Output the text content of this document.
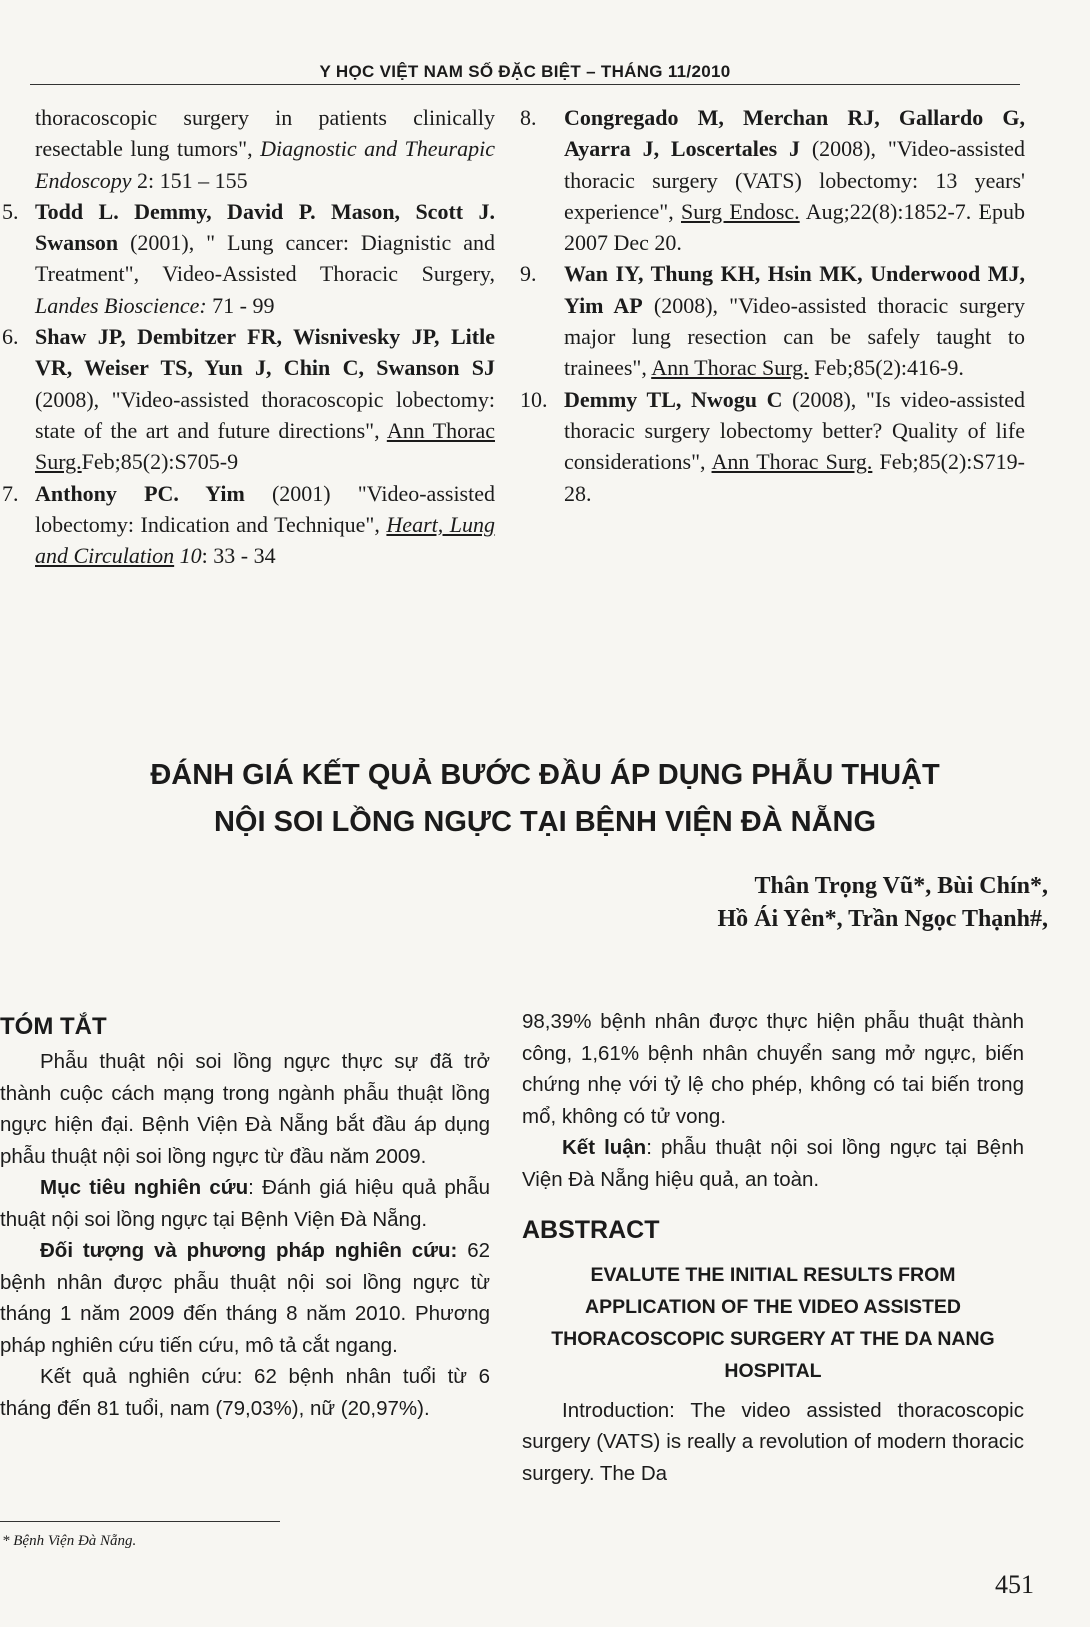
Y HỌC VIỆT NAM SỐ ĐẶC BIỆT – THÁNG 11/2010
thoracoscopic surgery in patients clinically resectable lung tumors", Diagnostic and Theurapic Endoscopy 2: 151 – 155
5. Todd L. Demmy, David P. Mason, Scott J. Swanson (2001), " Lung cancer: Diagnistic and Treatment", Video-Assisted Thoracic Surgery, Landes Bioscience: 71 - 99
6. Shaw JP, Dembitzer FR, Wisnivesky JP, Litle VR, Weiser TS, Yun J, Chin C, Swanson SJ (2008), "Video-assisted thoracoscopic lobectomy: state of the art and future directions", Ann Thorac Surg.Feb;85(2):S705-9
7. Anthony PC. Yim (2001) "Video-assisted lobectomy: Indication and Technique", Heart, Lung and Circulation 10: 33 - 34
8. Congregado M, Merchan RJ, Gallardo G, Ayarra J, Loscertales J (2008), "Video-assisted thoracic surgery (VATS) lobectomy: 13 years' experience", Surg Endosc. Aug;22(8):1852-7. Epub 2007 Dec 20.
9. Wan IY, Thung KH, Hsin MK, Underwood MJ, Yim AP (2008), "Video-assisted thoracic surgery major lung resection can be safely taught to trainees", Ann Thorac Surg. Feb;85(2):416-9.
10. Demmy TL, Nwogu C (2008), "Is video-assisted thoracic surgery lobectomy better? Quality of life considerations", Ann Thorac Surg. Feb;85(2):S719-28.
ĐÁNH GIÁ KẾT QUẢ BƯỚC ĐẦU ÁP DỤNG PHẪU THUẬT
NỘI SOI LỒNG NGỰC TẠI BỆNH VIỆN ĐÀ NẴNG
Thân Trọng Vũ*, Bùi Chín*,
Hồ Ái Yên*, Trần Ngọc Thạnh#,
TÓM TẮT
Phẫu thuật nội soi lồng ngực thực sự đã trở thành cuộc cách mạng trong ngành phẫu thuật lồng ngực hiện đại. Bệnh Viện Đà Nẵng bắt đầu áp dụng phẫu thuật nội soi lồng ngực từ đầu năm 2009.
Mục tiêu nghiên cứu: Đánh giá hiệu quả phẫu thuật nội soi lồng ngực tại Bệnh Viện Đà Nẵng.
Đối tượng và phương pháp nghiên cứu: 62 bệnh nhân được phẫu thuật nội soi lồng ngực từ tháng 1 năm 2009 đến tháng 8 năm 2010. Phương pháp nghiên cứu tiến cứu, mô tả cắt ngang.
Kết quả nghiên cứu: 62 bệnh nhân tuổi từ 6 tháng đến 81 tuổi, nam (79,03%), nữ (20,97%).
98,39% bệnh nhân được thực hiện phẫu thuật thành công, 1,61% bệnh nhân chuyển sang mở ngực, biến chứng nhẹ với tỷ lệ cho phép, không có tai biến trong mổ, không có tử vong.
Kết luận: phẫu thuật nội soi lồng ngực tại Bệnh Viện Đà Nẵng hiệu quả, an toàn.
ABSTRACT
EVALUTE THE INITIAL RESULTS FROM APPLICATION OF THE VIDEO ASSISTED THORACOSCOPIC SURGERY AT THE DA NANG HOSPITAL
Introduction: The video assisted thoracoscopic surgery (VATS) is really a revolution of modern thoracic surgery. The Da
* Bệnh Viện Đà Nẵng.
451
